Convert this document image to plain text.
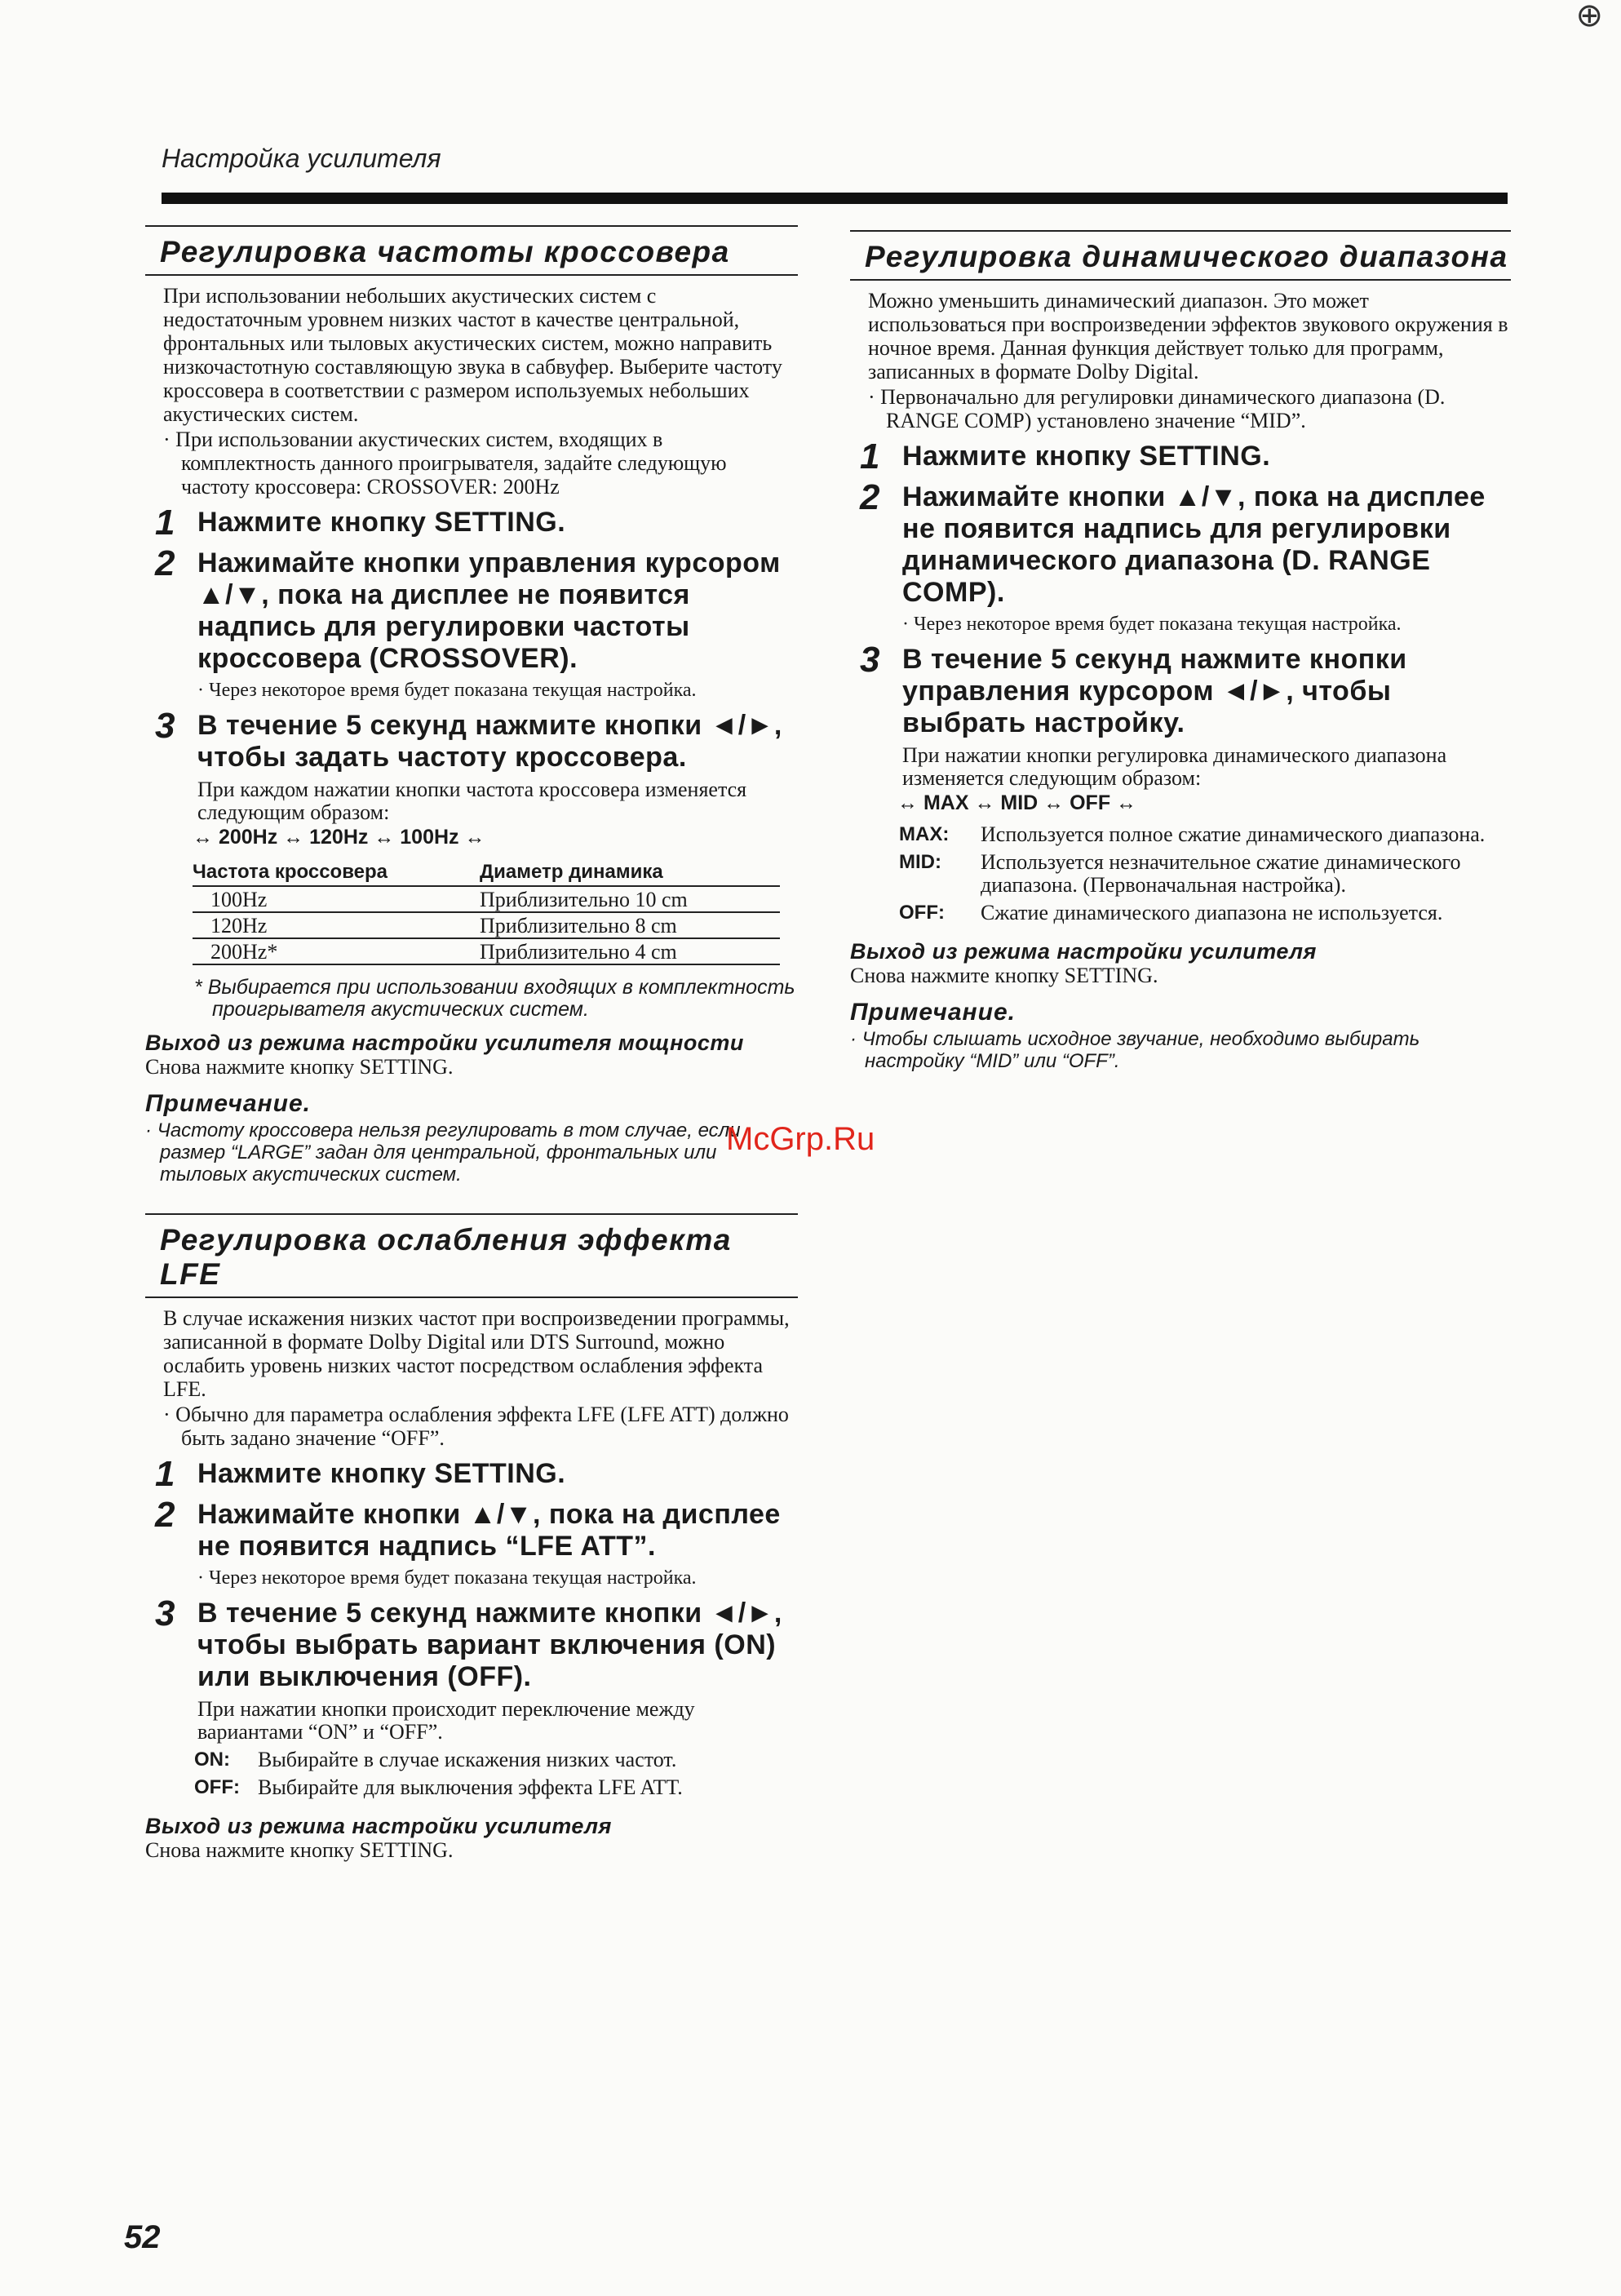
⊕
Настройка усилителя
Регулировка частоты кроссовера

При использовании небольших акустических систем с недостаточным уровнем низких частот в качестве центральной, фронтальных или тыловых акустических систем, можно направить низкочастотную составляющую звука в сабвуфер. Выберите частоту кроссовера в соответствии с размером используемых небольших акустических систем.

· При использовании акустических систем, входящих в комплектность данного проигрывателя, задайте следующую частоту кроссовера: CROSSOVER: 200Hz

1 Нажмите кнопку SETTING.
2 Нажимайте кнопки управления курсором ▲/▼, пока на дисплее не появится надпись для регулировки частоты кроссовера (CROSSOVER).

· Через некоторое время будет показана текущая настройка.

3 В течение 5 секунд нажмите кнопки ◄/►, чтобы задать частоту кроссовера.

При каждом нажатии кнопки частота кроссовера изменяется следующим образом:

↔ 200Hz ↔ 120Hz ↔ 100Hz ↔
Частота кроссовера	Диаметр динамика
100Hz	Приблизительно 10 cm
120Hz	Приблизительно 8 cm
200Hz*	Приблизительно 4 cm

* Выбирается при использовании входящих в комплектность проигрывателя акустических систем.

Выход из режима настройки усилителя мощности

Снова нажмите кнопку SETTING.

Примечание.

· Частоту кроссовера нельзя регулировать в том случае, если размер “LARGE” задан для центральной, фронтальных или тыловых акустических систем.

Регулировка ослабления эффекта LFE

В случае искажения низких частот при воспроизведении программы, записанной в формате Dolby Digital или DTS Surround, можно ослабить уровень низких частот посредством ослабления эффекта LFE.

· Обычно для параметра ослабления эффекта LFE (LFE ATT) должно быть задано значение “OFF”.

1 Нажмите кнопку SETTING.
2 Нажимайте кнопки ▲/▼, пока на дисплее не появится надпись “LFE ATT”.

· Через некоторое время будет показана текущая настройка.

3 В течение 5 секунд нажмите кнопки ◄/►, чтобы выбрать вариант включения (ON) или выключения (OFF).

При нажатии кнопки происходит переключение между вариантами “ON” и “OFF”.

ON:	Выбирайте в случае искажения низких частот.
OFF: Выбирайте для выключения эффекта LFE ATT.
Выход из режима настройки усилителя

Снова нажмите кнопку SETTING.

Регулировка динамического диапазона

Можно уменьшить динамический диапазон. Это может использоваться при воспроизведении эффектов звукового окружения в ночное время. Данная функция действует только для программ, записанных в формате Dolby Digital.

· Первоначально для регулировки динамического диапазона (D. RANGE COMP) установлено значение “MID”.

1 Нажмите кнопку SETTING.
2 Нажимайте кнопки ▲/▼, пока на дисплее не появится надпись для регулировки динамического диапазона (D. RANGE COMP).

· Через некоторое время будет показана текущая настройка.

3 В течение 5 секунд нажмите кнопки управления курсором ◄/►, чтобы выбрать настройку.

При нажатии кнопки регулировка динамического диапазона изменяется следующим образом:

↔ MAX ↔ MID ↔ OFF ↔
MAX:	Используется полное сжатие динамического диапазона.
MID:	Используется незначительное сжатие динамического диапазона. (Первоначальная настройка).
OFF:	Сжатие динамического диапазона не используется.
Выход из режима настройки усилителя

Снова нажмите кнопку SETTING.

Примечание.

· Чтобы слышать исходное звучание, необходимо выбирать настройку “MID” или “OFF”.

McGrp.Ru
52
